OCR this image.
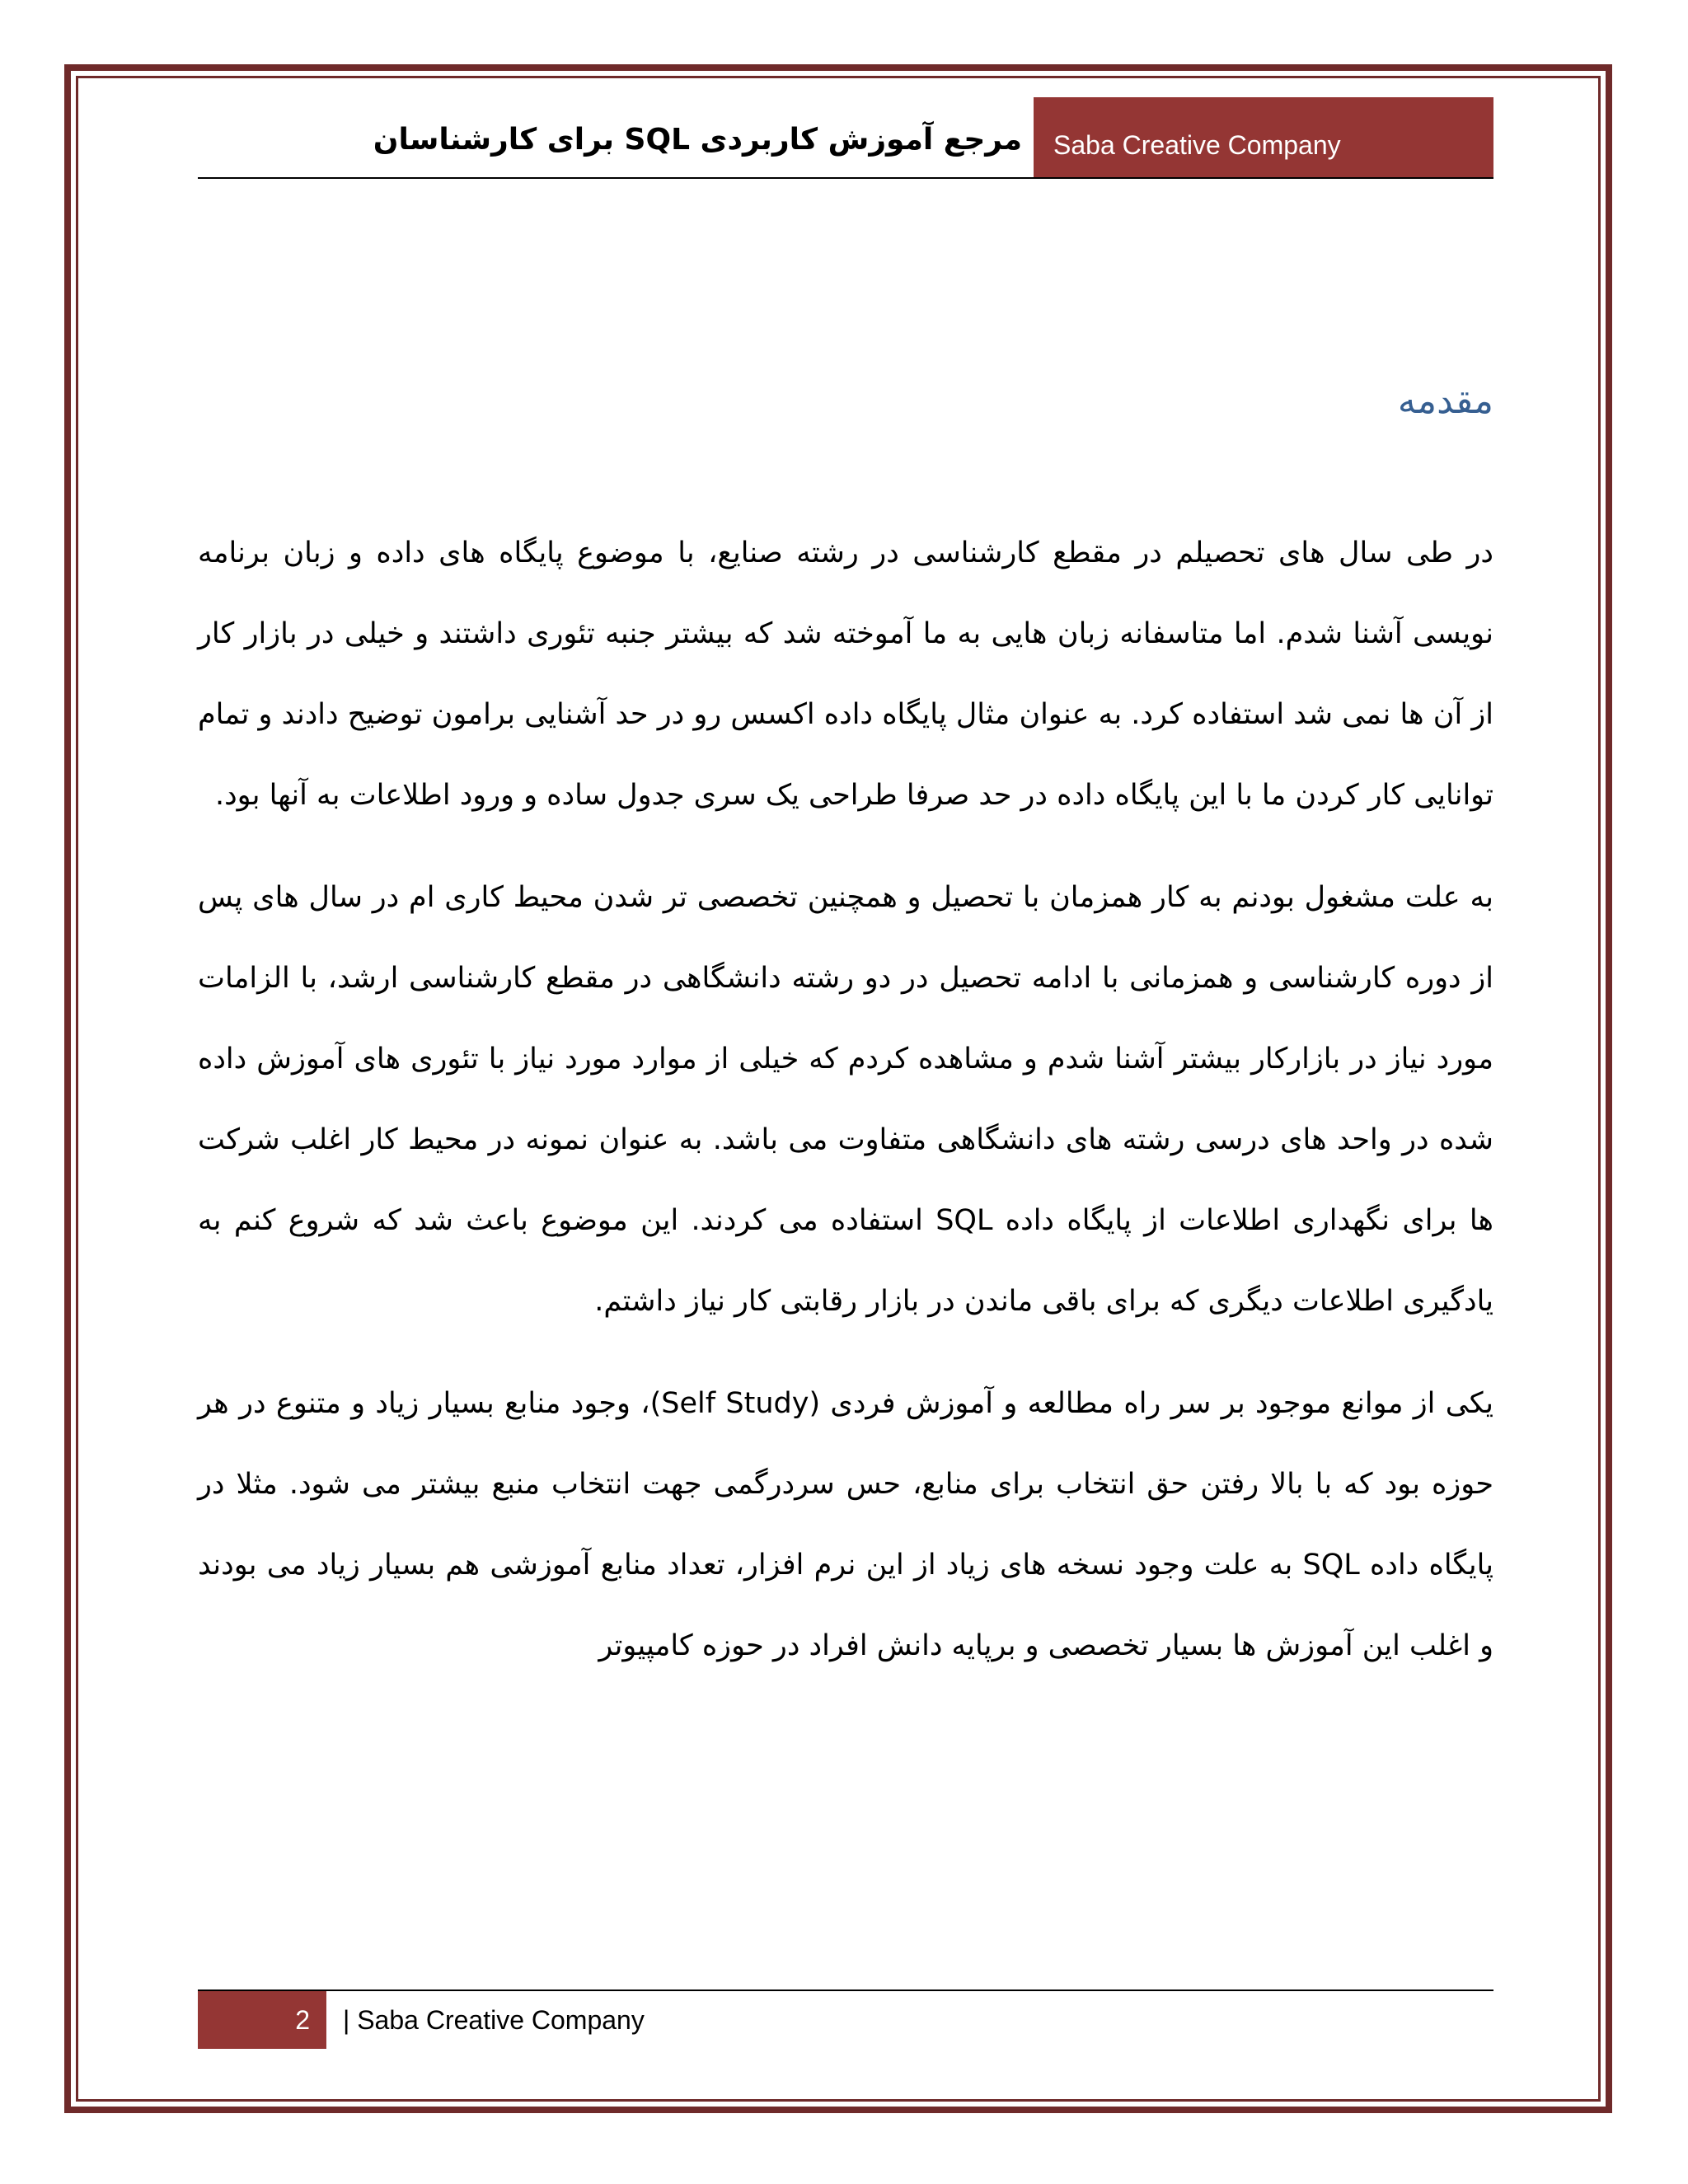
مرجع آموزش کاربردی SQL برای کارشناسان	Saba Creative Company
مقدمه

در طی سال های تحصیلم در مقطع کارشناسی در رشته صنایع، با موضوع پایگاه های داده و زبان برنامه نویسی آشنا شدم. اما متاسفانه زبان هایی به ما آموخته شد که بیشتر جنبه تئوری داشتند و خیلی در بازار کار از آن ها نمی شد استفاده کرد. به عنوان مثال پایگاه داده اکسس رو در حد آشنایی برامون توضیح دادند و تمام توانایی کار کردن ما با این پایگاه داده در حد صرفا طراحی یک سری جدول ساده و ورود اطلاعات به آنها بود.

به علت مشغول بودنم به کار همزمان با تحصیل و همچنین تخصصی تر شدن محیط کاری ام در سال های پس از دوره کارشناسی و همزمانی با ادامه تحصیل در دو رشته دانشگاهی در مقطع کارشناسی ارشد، با الزامات مورد نیاز در بازارکار بیشتر آشنا شدم و مشاهده کردم که خیلی از موارد مورد نیاز با تئوری های آموزش داده شده در واحد های درسی رشته های دانشگاهی متفاوت می باشد. به عنوان نمونه در محیط کار اغلب شرکت ها برای نگهداری اطلاعات از پایگاه داده SQL استفاده می کردند. این موضوع باعث شد که شروع کنم به یادگیری اطلاعات دیگری که برای باقی ماندن در بازار رقابتی کار نیاز داشتم.

یکی از موانع موجود بر سر راه مطالعه و آموزش فردی (Self Study)، وجود منابع بسیار زیاد و متنوع در هر حوزه بود که با بالا رفتن حق انتخاب برای منابع، حس سردرگمی جهت انتخاب منبع بیشتر می شود. مثلا در پایگاه داده SQL به علت وجود نسخه های زیاد از این نرم افزار، تعداد منابع آموزشی هم بسیار زیاد می بودند و اغلب این آموزش ها بسیار تخصصی و برپایه دانش افراد در حوزه کامپیوتر

2	| Saba Creative Company
